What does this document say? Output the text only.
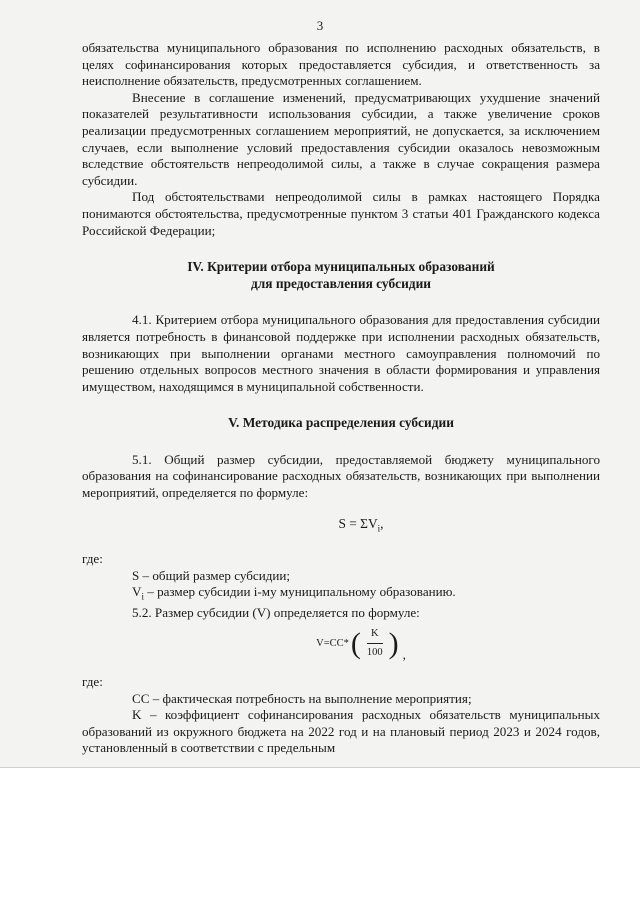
3

обязательства муниципального образования по исполнению расходных обязательств, в целях софинансирования которых предоставляется субсидия, и ответственность за неисполнение обязательств, предусмотренных соглашением.

Внесение в соглашение изменений, предусматривающих ухудшение значений показателей результативности использования субсидии, а также увеличение сроков реализации предусмотренных соглашением мероприятий, не допускается, за исключением случаев, если выполнение условий предоставления субсидии оказалось невозможным вследствие обстоятельств непреодолимой силы, а также в случае сокращения размера субсидии.

Под обстоятельствами непреодолимой силы в рамках настоящего Порядка понимаются обстоятельства, предусмотренные пунктом 3 статьи 401 Гражданского кодекса Российской Федерации;

IV. Критерии отбора муниципальных образований
для предоставления субсидии

4.1. Критерием отбора муниципального образования для предоставления субсидии является потребность в финансовой поддержке при исполнении расходных обязательств, возникающих при выполнении органами местного самоуправления полномочий по решению отдельных вопросов местного значения в области формирования и управления имуществом, находящимся в муниципальной собственности.

V. Методика распределения субсидии

5.1. Общий размер субсидии, предоставляемой бюджету муниципального образования на софинансирование расходных обязательств, возникающих при выполнении мероприятий, определяется по формуле:

$S = \Sigma V_i$,

где:

S – общий размер субсидии;

$V_i$ – размер субсидии i-му муниципальному образованию.

5.2. Размер субсидии (V) определяется по формуле:

V=CC* ( $\frac{K}{100}$ ) ,

где:

CC – фактическая потребность на выполнение мероприятия;

K – коэффициент софинансирования расходных обязательств муниципальных образований из окружного бюджета на 2022 год и на плановый период 2023 и 2024 годов, установленный в соответствии с предельным
